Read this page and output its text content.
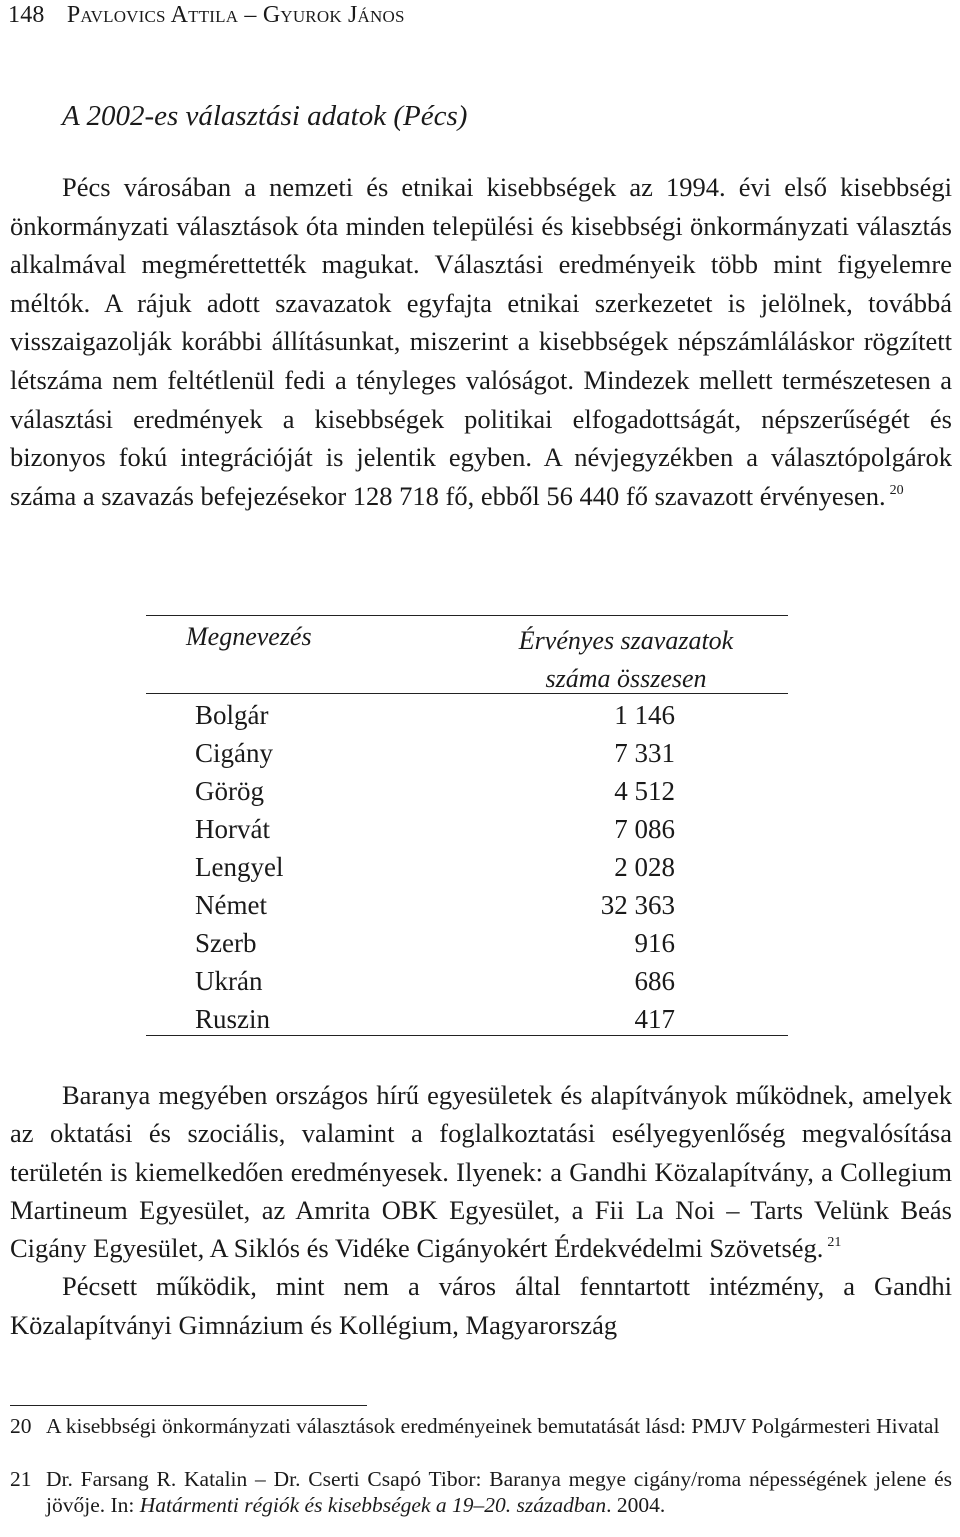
148 Pavlovics Attila – Gyurok János
A 2002-es választási adatok (Pécs)
Pécs városában a nemzeti és etnikai kisebbségek az 1994. évi első kisebbségi önkormányzati választások óta minden települési és kisebbségi önkormányzati választás alkalmával megmérettették magukat. Választási eredményeik több mint figyelemre méltók. A rájuk adott szavazatok egyfajta etnikai szerkezetet is jelölnek, továbbá visszaigazolják korábbi állításunkat, miszerint a kisebbségek népszámláláskor rögzített létszáma nem feltétlenül fedi a tényleges valóságot. Mindezek mellett természetesen a választási eredmények a kisebbségek politikai elfogadottságát, népszerűségét és bizonyos fokú integrációját is jelentik egyben. A névjegyzékben a választópolgárok száma a szavazás befejezésekor 128 718 fő, ebből 56 440 fő szavazott érvényesen. $^{20}$
Megnevezés	Érvényes szavazatok
száma összesen
Bolgár	1 146
Cigány	7 331
Görög	4 512
Horvát	7 086
Lengyel	2 028
Német	32 363
Szerb	916
Ukrán	686
Ruszin	417
Baranya megyében országos hírű egyesületek és alapítványok működnek, amelyek az oktatási és szociális, valamint a foglalkoztatási esélyegyenlőség megvalósítása területén is kiemelkedően eredményesek. Ilyenek: a Gandhi Közalapítvány, a Collegium Martineum Egyesület, az Amrita OBK Egyesület, a Fii La Noi – Tarts Velünk Beás Cigány Egyesület, A Siklós és Vidéke Cigányokért Érdekvédelmi Szövetség. $^{21}$
Pécsett működik, mint nem a város által fenntartott intézmény, a Gandhi Közalapítványi Gimnázium és Kollégium, Magyarország
20 A kisebbségi önkormányzati választások eredményeinek bemutatását lásd: PMJV Polgármesteri Hivatal
21 Dr. Farsang R. Katalin – Dr. Cserti Csapó Tibor: Baranya megye cigány/roma népességének jelene és jövője. In: Határmenti régiók és kisebbségek a 19–20. században. 2004.
